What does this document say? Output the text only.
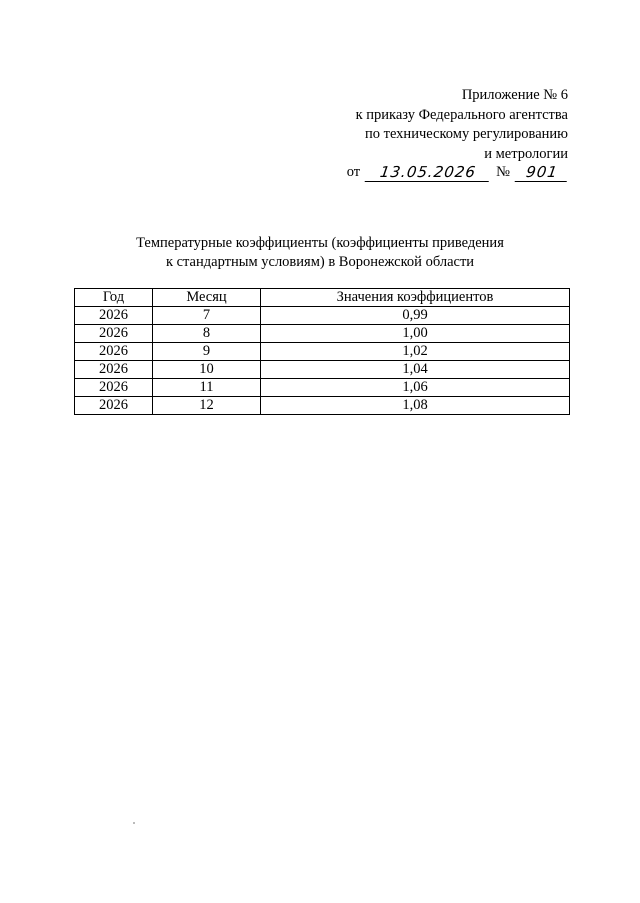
Приложение № 6
к приказу Федерального агентства
по техническому регулированию
и метрологии
от 13.05.2026 № 901
Температурные коэффициенты (коэффициенты приведения
к стандартным условиям) в Воронежской области
Год	Месяц	Значения коэффициентов
2026	7	0,99
2026	8	1,00
2026	9	1,02
2026	10	1,04
2026	11	1,06
2026	12	1,08
